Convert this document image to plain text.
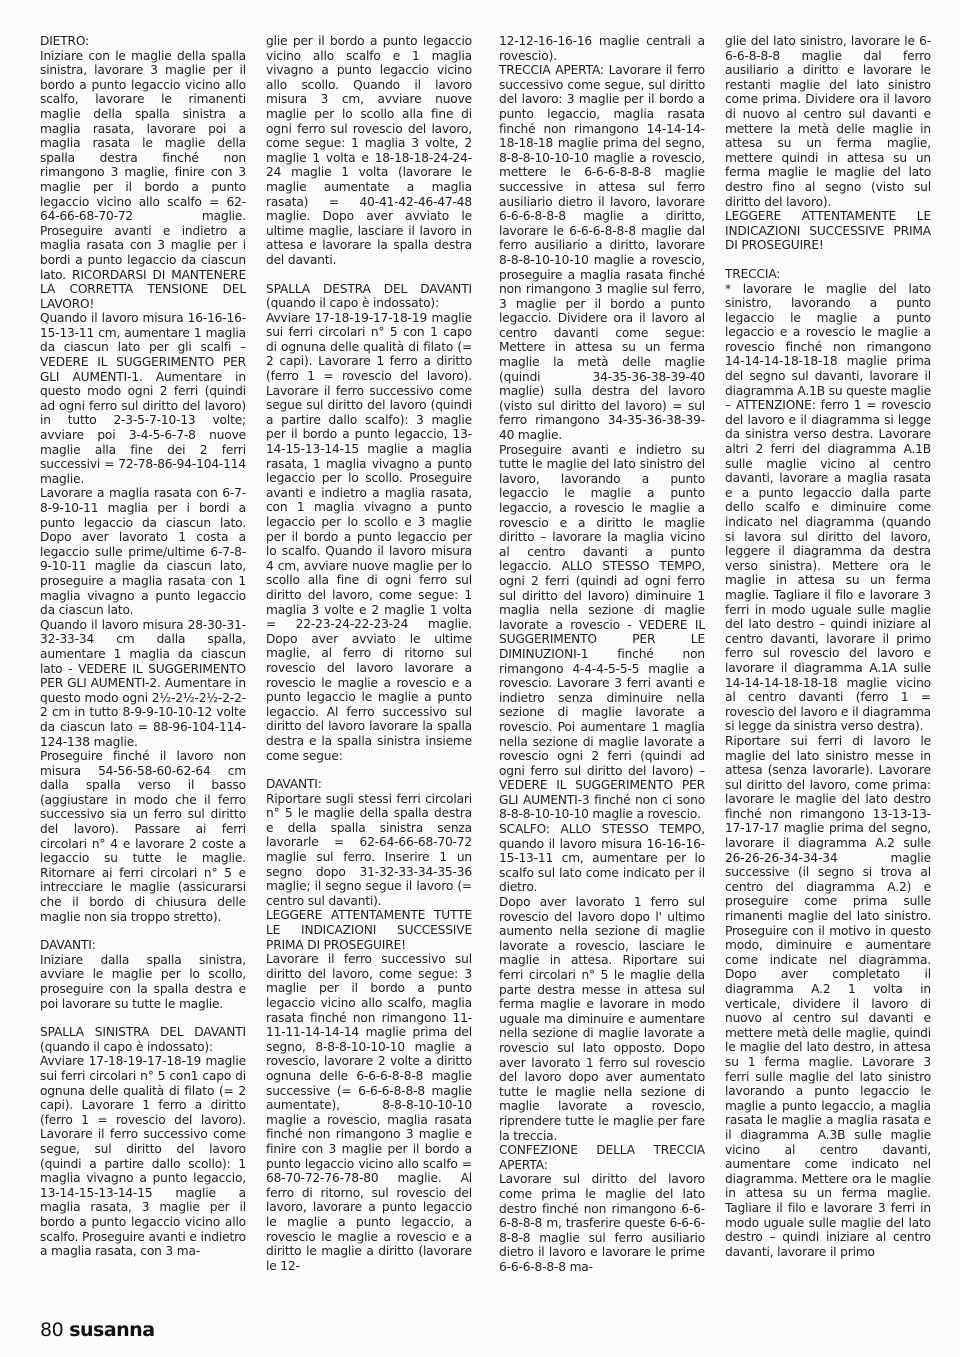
DIETRO:

Iniziare con le maglie della spalla sinistra, lavorare 3 maglie per il bordo a punto legaccio vicino allo scalfo, lavorare le rimanenti maglie della spalla sinistra a maglia rasata, lavorare poi a maglia rasata le maglie della spalla destra finché non rimangono 3 maglie, finire con 3 maglie per il bordo a punto legaccio vicino allo scalfo = 62-64-66-68-70-72 maglie. Proseguire avanti e indietro a maglia rasata con 3 maglie per i bordi a punto legaccio da ciascun lato. RICORDARSI DI MANTENERE LA CORRETTA TENSIONE DEL LAVORO!

Quando il lavoro misura 16-16-16-15-13-11 cm, aumentare 1 maglia da ciascun lato per gli scalfi – VEDERE IL SUGGERIMENTO PER GLI AUMENTI-1. Aumentare in questo modo ogni 2 ferri (quindi ad ogni ferro sul diritto del lavoro) in tutto 2-3-5-7-10-13 volte; avviare poi 3-4-5-6-7-8 nuove maglie alla fine dei 2 ferri successivi = 72-78-86-94-104-114 maglie.

Lavorare a maglia rasata con 6-7-8-9-10-11 maglia per i bordi a punto legaccio da ciascun lato. Dopo aver lavorato 1 costa a legaccio sulle prime/ultime 6-7-8-9-10-11 maglie da ciascun lato, proseguire a maglia rasata con 1 maglia vivagno a punto legaccio da ciascun lato.

Quando il lavoro misura 28-30-31-32-33-34 cm dalla spalla, aumentare 1 maglia da ciascun lato - VEDERE IL SUGGERIMENTO PER GLI AUMENTI-2. Aumentare in questo modo ogni 2½-2½-2½-2-2-2 cm in tutto 8-9-9-10-10-12 volte da ciascun lato = 88-96-104-114-124-138 maglie.

Proseguire finché il lavoro non misura 54-56-58-60-62-64 cm dalla spalla verso il basso (aggiustare in modo che il ferro successivo sia un ferro sul diritto del lavoro). Passare ai ferri circolari n° 4 e lavorare 2 coste a legaccio su tutte le maglie. Ritornare ai ferri circolari n° 5 e intrecciare le maglie (assicurarsi che il bordo di chiusura delle maglie non sia troppo stretto).

DAVANTI:

Iniziare dalla spalla sinistra, avviare le maglie per lo scollo, proseguire con la spalla destra e poi lavorare su tutte le maglie.

SPALLA SINISTRA DEL DAVANTI (quando il capo è indossato):

Avviare 17-18-19-17-18-19 maglie sui ferri circolari n° 5 con1 capo di ognuna delle qualità di filato (= 2 capi). Lavorare 1 ferro a diritto (ferro 1 = rovescio del lavoro). Lavorare il ferro successivo come segue, sul diritto del lavoro (quindi a partire dallo scollo): 1 maglia vivagno a punto legaccio, 13-14-15-13-14-15 maglie a maglia rasata, 3 maglie per il bordo a punto legaccio vicino allo scalfo. Proseguire avanti e indietro a maglia rasata, con 3 ma-

glie per il bordo a punto legaccio vicino allo scalfo e 1 maglia vivagno a punto legaccio vicino allo scollo. Quando il lavoro misura 3 cm, avviare nuove maglie per lo scollo alla fine di ogni ferro sul rovescio del lavoro, come segue: 1 maglia 3 volte, 2 maglie 1 volta e 18-18-18-24-24-24 maglie 1 volta (lavorare le maglie aumentate a maglia rasata) = 40-41-42-46-47-48 maglie. Dopo aver avviato le ultime maglie, lasciare il lavoro in attesa e lavorare la spalla destra del davanti.

SPALLA DESTRA DEL DAVANTI (quando il capo è indossato):

Avviare 17-18-19-17-18-19 maglie sui ferri circolari n° 5 con 1 capo di ognuna delle qualità di filato (= 2 capi). Lavorare 1 ferro a diritto (ferro 1 = rovescio del lavoro). Lavorare il ferro successivo come segue sul diritto del lavoro (quindi a partire dallo scalfo): 3 maglie per il bordo a punto legaccio, 13-14-15-13-14-15 maglie a maglia rasata, 1 maglia vivagno a punto legaccio per lo scollo. Proseguire avanti e indietro a maglia rasata, con 1 maglia vivagno a punto legaccio per lo scollo e 3 maglie per il bordo a punto legaccio per lo scalfo. Quando il lavoro misura 4 cm, avviare nuove maglie per lo scollo alla fine di ogni ferro sul diritto del lavoro, come segue: 1 maglia 3 volte e 2 maglie 1 volta = 22-23-24-22-23-24 maglie. Dopo aver avviato le ultime maglie, al ferro di ritorno sul rovescio del lavoro lavorare a rovescio le maglie a rovescio e a punto legaccio le maglie a punto legaccio. Al ferro successivo sul diritto del lavoro lavorare la spalla destra e la spalla sinistra insieme come segue:

DAVANTI:

Riportare sugli stessi ferri circolari n° 5 le maglie della spalla destra e della spalla sinistra senza lavorarle = 62-64-66-68-70-72 maglie sul ferro. Inserire 1 un segno dopo 31-32-33-34-35-36 maglie; il segno segue il lavoro (= centro sul davanti).

LEGGERE ATTENTAMENTE TUTTE LE INDICAZIONI SUCCESSIVE PRIMA DI PROSEGUIRE!

Lavorare il ferro successivo sul diritto del lavoro, come segue: 3 maglie per il bordo a punto legaccio vicino allo scalfo, maglia rasata finché non rimangono 11-11-11-14-14-14 maglie prima del segno, 8-8-8-10-10-10 maglie a rovescio, lavorare 2 volte a diritto ognuna delle 6-6-6-8-8-8 maglie successive (= 6-6-6-8-8-8 maglie aumentate), 8-8-8-10-10-10 maglie a rovescio, maglia rasata finché non rimangono 3 maglie e finire con 3 maglie per il bordo a punto legaccio vicino allo scalfo = 68-70-72-76-78-80 maglie. Al ferro di ritorno, sul rovescio del lavoro, lavorare a punto legaccio le maglie a punto legaccio, a rovescio le maglie a rovescio e a diritto le maglie a diritto (lavorare le 12-

12-12-16-16-16 maglie centrali a rovescio).

TRECCIA APERTA: Lavorare il ferro successivo come segue, sul diritto del lavoro: 3 maglie per il bordo a punto legaccio, maglia rasata finché non rimangono 14-14-14-18-18-18 maglie prima del segno, 8-8-8-10-10-10 maglie a rovescio, mettere le 6-6-6-8-8-8 maglie successive in attesa sul ferro ausiliario dietro il lavoro, lavorare 6-6-6-8-8-8 maglie a diritto, lavorare le 6-6-6-8-8-8 maglie dal ferro ausiliario a diritto, lavorare 8-8-8-10-10-10 maglie a rovescio, proseguire a maglia rasata finché non rimangono 3 maglie sul ferro, 3 maglie per il bordo a punto legaccio. Dividere ora il lavoro al centro davanti come segue: Mettere in attesa su un ferma maglie la metà delle maglie (quindi 34-35-36-38-39-40 maglie) sulla destra del lavoro (visto sul diritto del lavoro) = sul ferro rimangono 34-35-36-38-39-40 maglie.

Proseguire avanti e indietro su tutte le maglie del lato sinistro del lavoro, lavorando a punto legaccio le maglie a punto legaccio, a rovescio le maglie a rovescio e a diritto le maglie diritto – lavorare la maglia vicino al centro davanti a punto legaccio. ALLO STESSO TEMPO, ogni 2 ferri (quindi ad ogni ferro sul diritto del lavoro) diminuire 1 maglia nella sezione di maglie lavorate a rovescio - VEDERE IL SUGGERIMENTO PER LE DIMINUZIONI-1 finché non rimangono 4-4-4-5-5-5 maglie a rovescio. Lavorare 3 ferri avanti e indietro senza diminuire nella sezione di maglie lavorate a rovescio. Poi aumentare 1 maglia nella sezione di maglie lavorate a rovescio ogni 2 ferri (quindi ad ogni ferro sul diritto del lavoro) – VEDERE IL SUGGERIMENTO PER GLI AUMENTI-3 finché non ci sono 8-8-8-10-10-10 maglie a rovescio.

SCALFO: ALLO STESSO TEMPO, quando il lavoro misura 16-16-16-15-13-11 cm, aumentare per lo scalfo sul lato come indicato per il dietro.

Dopo aver lavorato 1 ferro sul rovescio del lavoro dopo l' ultimo aumento nella sezione di maglie lavorate a rovescio, lasciare le maglie in attesa. Riportare sui ferri circolari n° 5 le maglie della parte destra messe in attesa sul ferma maglie e lavorare in modo uguale ma diminuire e aumentare nella sezione di maglie lavorate a rovescio sul lato opposto. Dopo aver lavorato 1 ferro sul rovescio del lavoro dopo aver aumentato tutte le maglie nella sezione di maglie lavorate a rovescio, riprendere tutte le maglie per fare la treccia.

CONFEZIONE DELLA TRECCIA APERTA:

Lavorare sul diritto del lavoro come prima le maglie del lato destro finché non rimangono 6-6-6-8-8-8 m, trasferire queste 6-6-6-8-8-8 maglie sul ferro ausiliario dietro il lavoro e lavorare le prime 6-6-6-8-8-8 ma-

glie del lato sinistro, lavorare le 6-6-6-8-8-8 maglie dal ferro ausiliario a diritto e lavorare le restanti maglie del lato sinistro come prima. Dividere ora il lavoro di nuovo al centro sul davanti e mettere la metà delle maglie in attesa su un ferma maglie, mettere quindi in attesa su un ferma maglie le maglie del lato destro fino al segno (visto sul diritto del lavoro).

LEGGERE ATTENTAMENTE LE INDICAZIONI SUCCESSIVE PRIMA DI PROSEGUIRE!

TRECCIA:

* lavorare le maglie del lato sinistro, lavorando a punto legaccio le maglie a punto legaccio e a rovescio le maglie a rovescio finché non rimangono 14-14-14-18-18-18 maglie prima del segno sul davanti, lavorare il diagramma A.1B su queste maglie – ATTENZIONE: ferro 1 = rovescio del lavoro e il diagramma si legge da sinistra verso destra. Lavorare altri 2 ferri del diagramma A.1B sulle maglie vicino al centro davanti, lavorare a maglia rasata e a punto legaccio dalla parte dello scalfo e diminuire come indicato nel diagramma (quando si lavora sul diritto del lavoro, leggere il diagramma da destra verso sinistra). Mettere ora le maglie in attesa su un ferma maglie. Tagliare il filo e lavorare 3 ferri in modo uguale sulle maglie del lato destro – quindi iniziare al centro davanti, lavorare il primo ferro sul rovescio del lavoro e lavorare il diagramma A.1A sulle 14-14-14-18-18-18 maglie vicino al centro davanti (ferro 1 = rovescio del lavoro e il diagramma si legge da sinistra verso destra).

Riportare sui ferri di lavoro le maglie del lato sinistro messe in attesa (senza lavorarle). Lavorare sul diritto del lavoro, come prima: lavorare le maglie del lato destro finché non rimangono 13-13-13-17-17-17 maglie prima del segno, lavorare il diagramma A.2 sulle 26-26-26-34-34-34 maglie successive (il segno si trova al centro del diagramma A.2) e proseguire come prima sulle rimanenti maglie del lato sinistro. Proseguire con il motivo in questo modo, diminuire e aumentare come indicate nel diagramma. Dopo aver completato il diagramma A.2 1 volta in verticale, dividere il lavoro di nuovo al centro sul davanti e mettere metà delle maglie, quindi le maglie del lato destro, in attesa su 1 ferma maglie. Lavorare 3 ferri sulle maglie del lato sinistro lavorando a punto legaccio le maglie a punto legaccio, a maglia rasata le maglie a maglia rasata e il diagramma A.3B sulle maglie vicino al centro davanti, aumentare come indicato nel diagramma. Mettere ora le maglie in attesa su un ferma maglie. Tagliare il filo e lavorare 3 ferri in modo uguale sulle maglie del lato destro – quindi iniziare al centro davanti, lavorare il primo

80 susanna
